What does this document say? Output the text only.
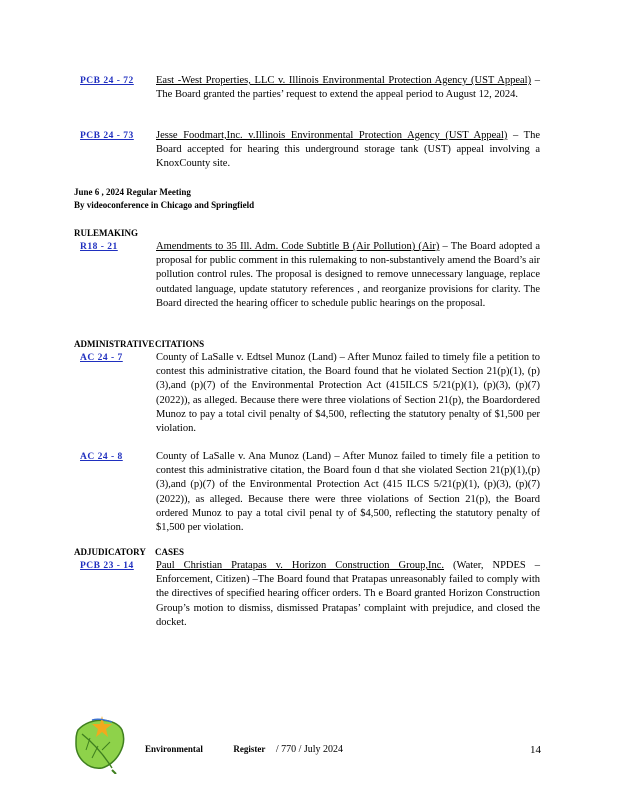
PCB 24 - 72 East -West Properties, LLC v. Illinois Environmental Protection Agency (UST Appeal) – The Board granted the parties’ request to extend the appeal period to August 12, 2024.
PCB 24 - 73 Jesse Foodmart,Inc. v.Illinois Environmental Protection Agency (UST Appeal) – The Board accepted for hearing this underground storage tank (UST) appeal involving a KnoxCounty site.
June 6 , 2024 Regular Meeting
By videoconference in Chicago and Springfield
RULEMAKING
R18 - 21	Amendments to 35 Ill. Adm. Code Subtitle B (Air Pollution) (Air) – The Board adopted a proposal for public comment in this rulemaking to non-substantively amend the Board’s air pollution control rules. The proposal is designed to remove unnecessary language, replace outdated language, update statutory references , and reorganize provisions for clarity. The Board directed the hearing officer to schedule public hearings on the proposal.
ADMINISTRATIVE CITATIONS
AC 24 - 7	County of LaSalle v. Edtsel Munoz (Land) – After Munoz failed to timely file a petition to contest this administrative citation, the Board found that he violated Section 21(p)(1), (p)(3),and (p)(7) of the Environmental Protection Act (415ILCS 5/21(p)(1), (p)(3), (p)(7) (2022)), as alleged. Because there were three violations of Section 21(p), the Boardordered Munoz to pay a total civil penalty of $4,500, reflecting the statutory penalty of $1,500 per violation.
AC 24 - 8	County of LaSalle v. Ana Munoz (Land) – After Munoz failed to timely file a petition to contest this administrative citation, the Board foun d that she violated Section 21(p)(1),(p)(3),and (p)(7) of the Environmental Protection Act (415 ILCS 5/21(p)(1), (p)(3), (p)(7) (2022)), as alleged. Because there were three violations of Section 21(p), the Board ordered Munoz to pay a total civil penal ty of $4,500, reflecting the statutory penalty of $1,500 per violation.
ADJUDICATORY CASES
PCB 23 - 14 Paul Christian Pratapas v. Horizon Construction Group,Inc. (Water, NPDES – Enforcement, Citizen) –The Board found that Pratapas unreasonably failed to comply with the directives of specified hearing officer orders. Th e Board granted Horizon Construction Group’s motion to dismiss, dismissed Pratapas’ complaint with prejudice, and closed the docket.
Environmental	Register / 770 / July 2024	14
